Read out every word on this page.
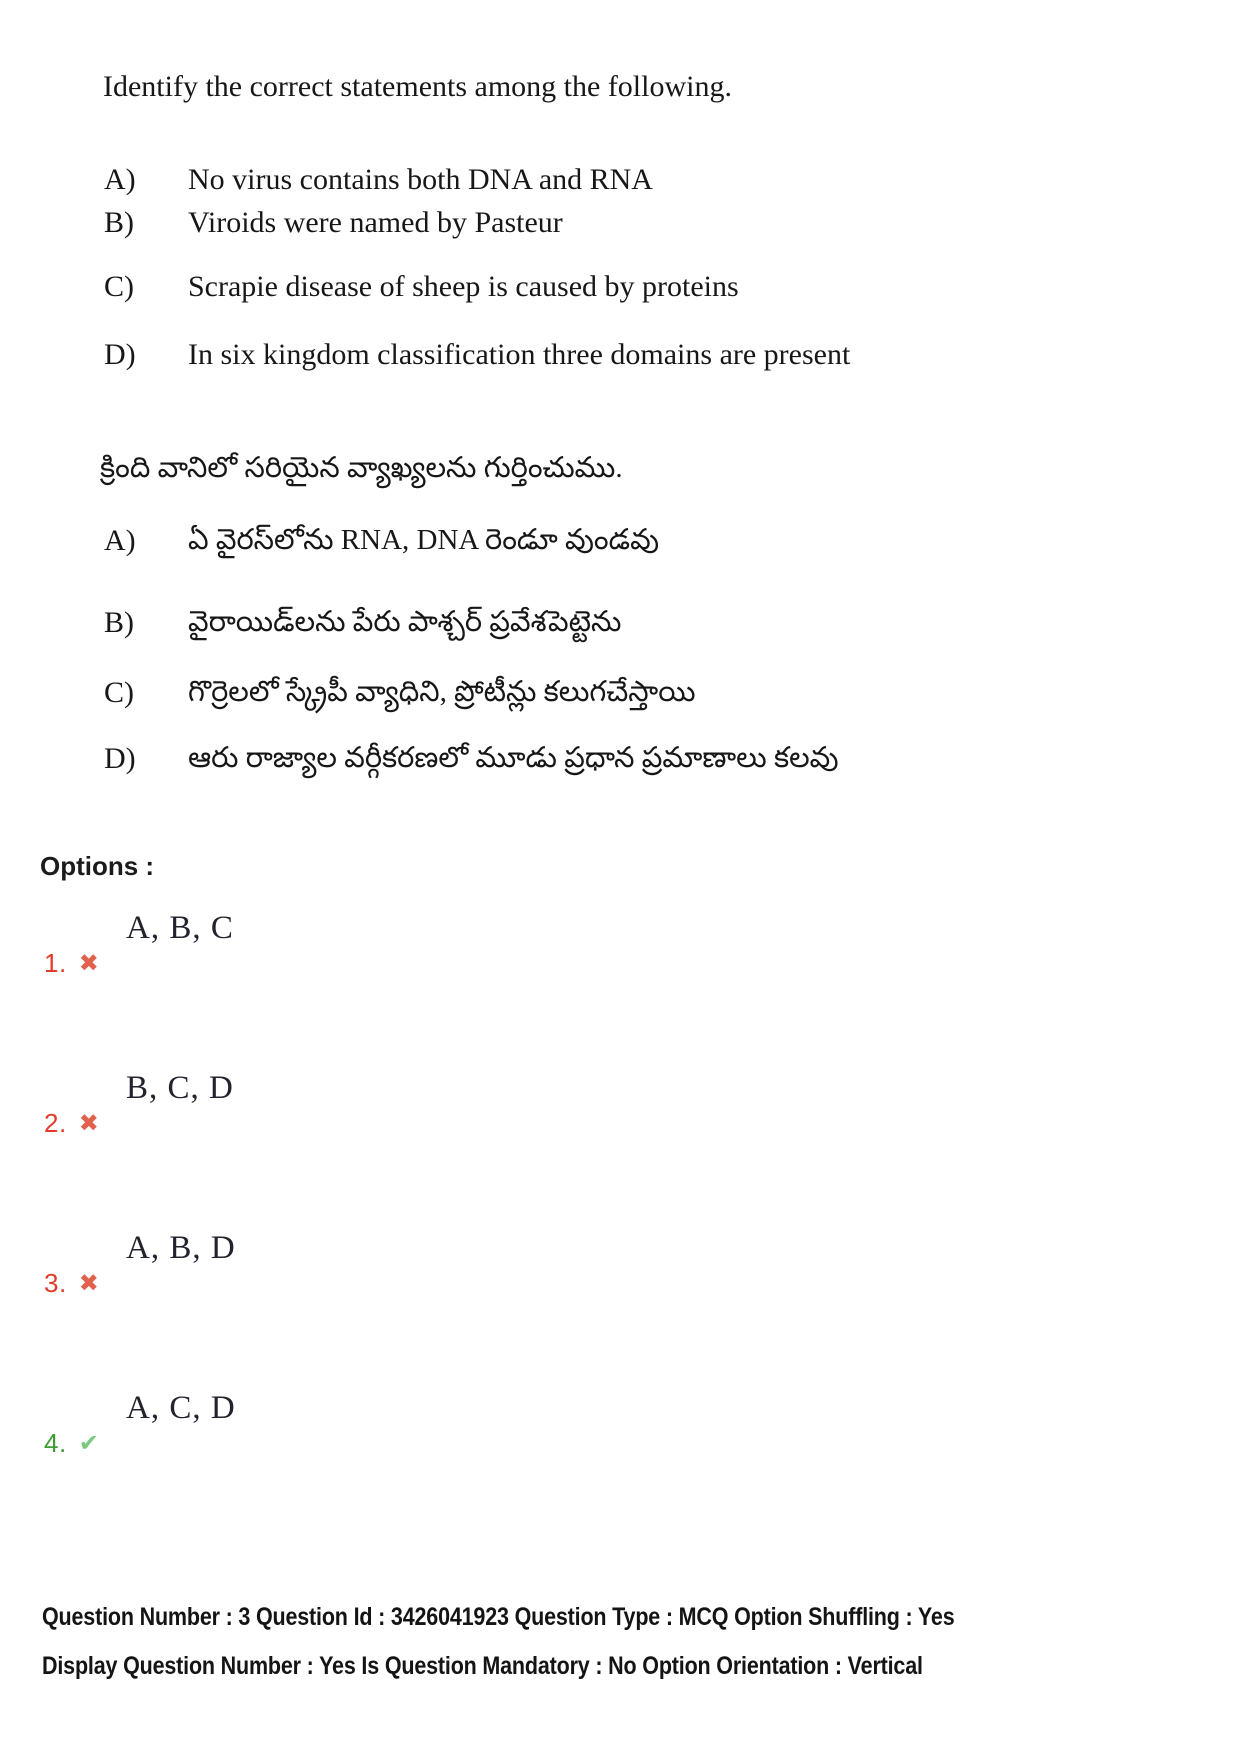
Identify the correct statements among the following.
A) No virus contains both DNA and RNA
B) Viroids were named by Pasteur
C) Scrapie disease of sheep is caused by proteins
D) In six kingdom classification three domains are present
క్రింది వానిలో సరియైన వ్యాఖ్యలను గుర్తించుము.
A) ఏ వైరస్‌లోను RNA, DNA రెండూ వుండవు
B) వైరాయిడ్‌లను పేరు పాశ్చర్ ప్రవేశపెట్టెను
C) గొర్రెలలో స్క్రేపీ వ్యాధిని, ప్రోటీన్లు కలుగచేస్తాయి
D) ఆరు రాజ్యాల వర్గీకరణలో మూడు ప్రధాన ప్రమాణాలు కలవు
Options :
A, B, C
1. ✖
B, C, D
2. ✖
A, B, D
3. ✖
A, C, D
4. ✔
Question Number : 3 Question Id : 3426041923 Question Type : MCQ Option Shuffling : Yes
Display Question Number : Yes Is Question Mandatory : No Option Orientation : Vertical
